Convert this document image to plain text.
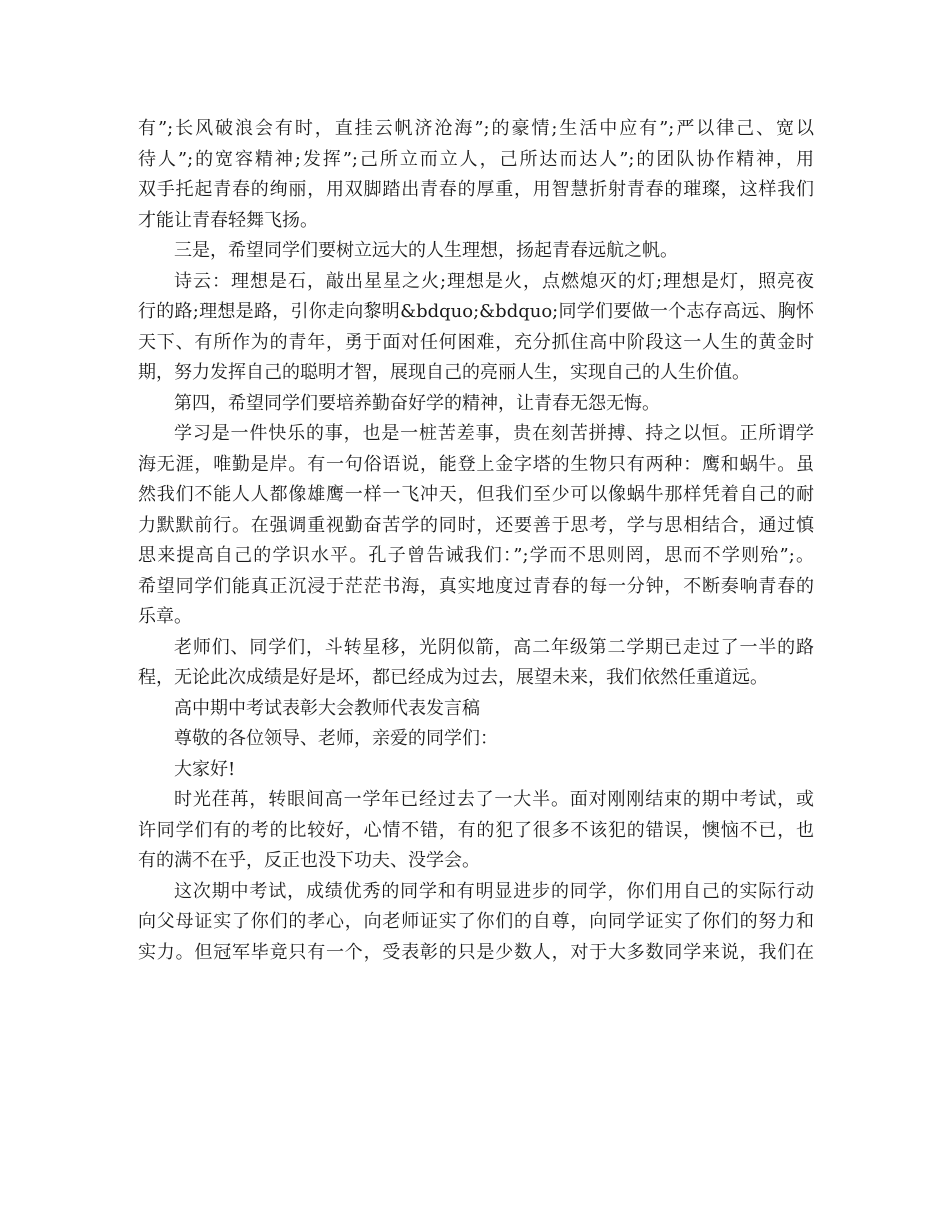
有”;长风破浪会有时，直挂云帆济沧海”;的豪情;生活中应有”;严以律己、宽以
待人”;的宽容精神;发挥”;己所立而立人，己所达而达人”;的团队协作精神，用
双手托起青春的绚丽，用双脚踏出青春的厚重，用智慧折射青春的璀璨，这样我们
才能让青春轻舞飞扬。
三是，希望同学们要树立远大的人生理想，扬起青春远航之帆。
诗云：理想是石，敲出星星之火;理想是火，点燃熄灭的灯;理想是灯，照亮夜
行的路;理想是路，引你走向黎明&bdquo;&bdquo;同学们要做一个志存高远、胸怀
天下、有所作为的青年，勇于面对任何困难，充分抓住高中阶段这一人生的黄金时
期，努力发挥自己的聪明才智，展现自己的亮丽人生，实现自己的人生价值。
第四，希望同学们要培养勤奋好学的精神，让青春无怨无悔。
学习是一件快乐的事，也是一桩苦差事，贵在刻苦拼搏、持之以恒。正所谓学
海无涯，唯勤是岸。有一句俗语说，能登上金字塔的生物只有两种：鹰和蜗牛。虽
然我们不能人人都像雄鹰一样一飞冲天，但我们至少可以像蜗牛那样凭着自己的耐
力默默前行。在强调重视勤奋苦学的同时，还要善于思考，学与思相结合，通过慎
思来提高自己的学识水平。孔子曾告诫我们：”;学而不思则罔，思而不学则殆”;。
希望同学们能真正沉浸于茫茫书海，真实地度过青春的每一分钟，不断奏响青春的
乐章。
老师们、同学们，斗转星移，光阴似箭，高二年级第二学期已走过了一半的路
程，无论此次成绩是好是坏，都已经成为过去，展望未来，我们依然任重道远。
高中期中考试表彰大会教师代表发言稿
尊敬的各位领导、老师，亲爱的同学们：
大家好!
时光荏苒，转眼间高一学年已经过去了一大半。面对刚刚结束的期中考试，或
许同学们有的考的比较好，心情不错，有的犯了很多不该犯的错误，懊恼不已，也
有的满不在乎，反正也没下功夫、没学会。
这次期中考试，成绩优秀的同学和有明显进步的同学，你们用自己的实际行动
向父母证实了你们的孝心，向老师证实了你们的自尊，向同学证实了你们的努力和
实力。但冠军毕竟只有一个，受表彰的只是少数人，对于大多数同学来说，我们在
